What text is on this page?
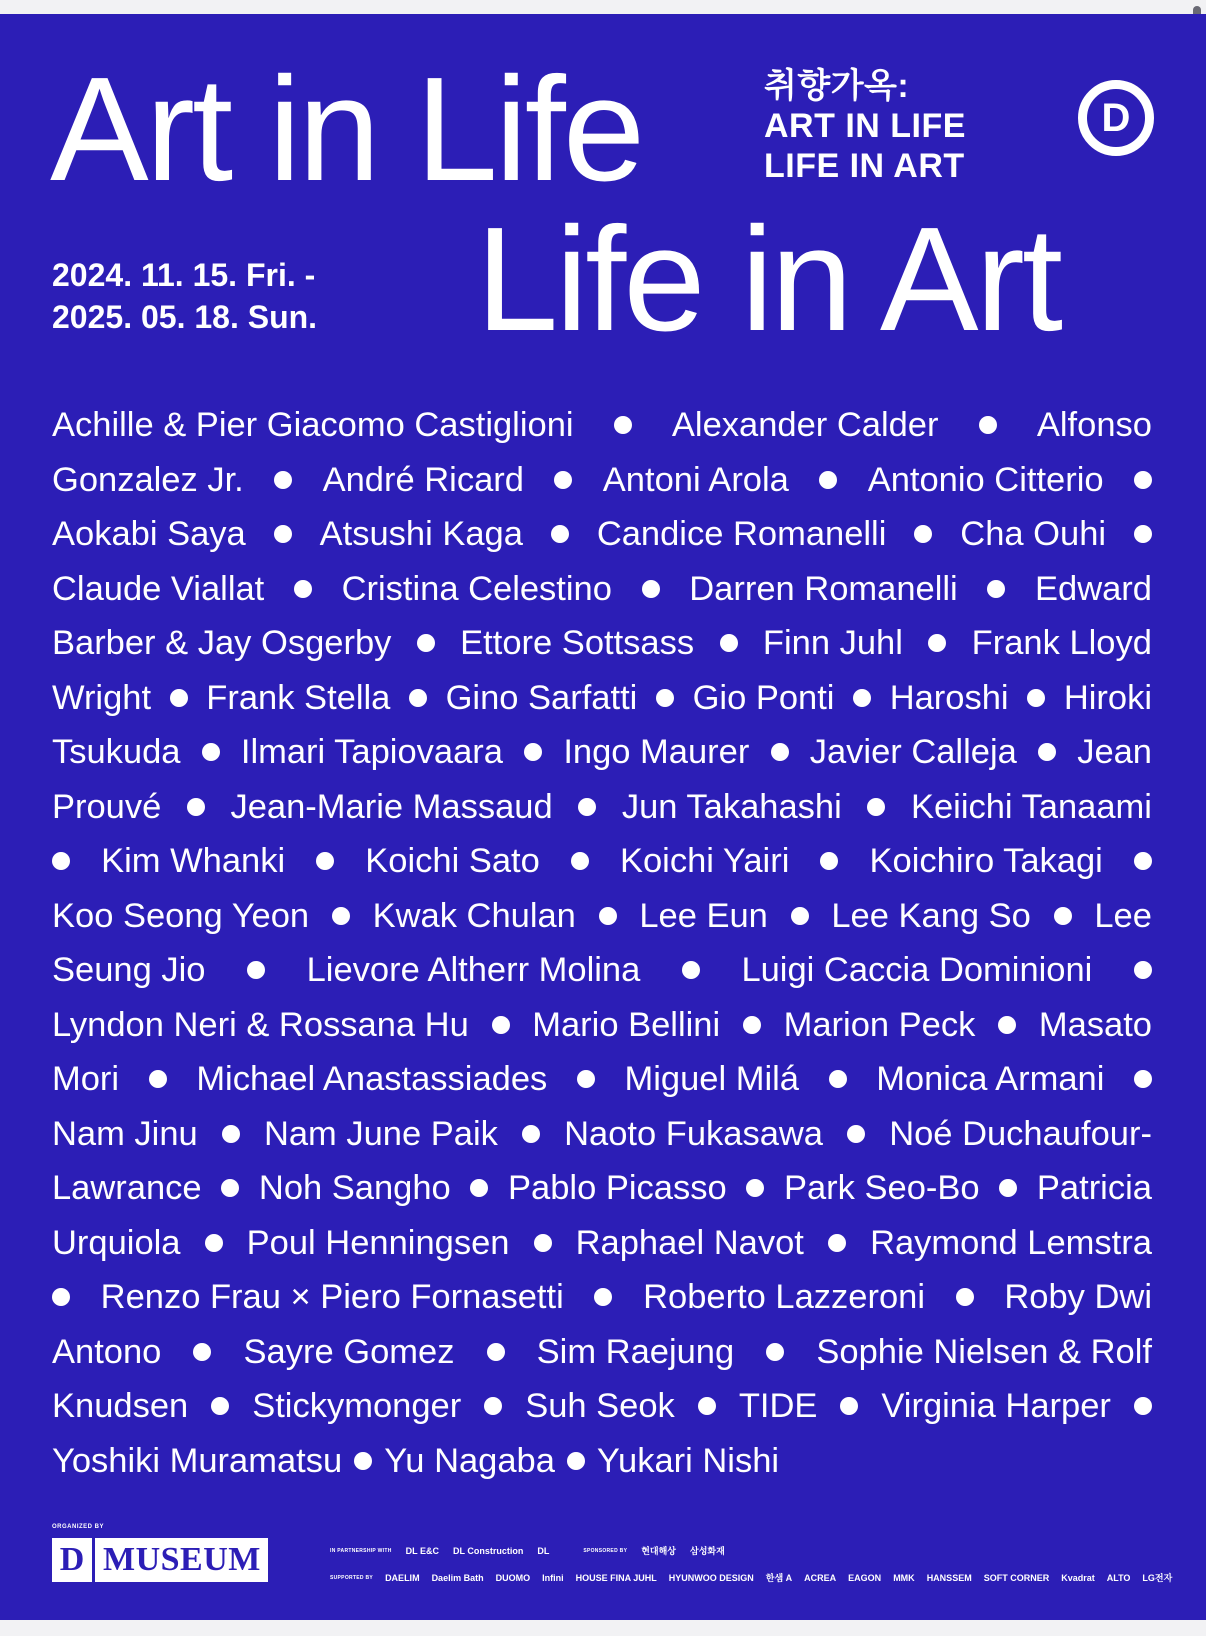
Art in Life	취향가옥:
ART IN LIFE
LIFE IN ART
D
2024. 11. 15. Fri. -
2025. 05. 18. Sun. Life in Art
Achille & Pier Giacomo Castiglioni	Alexander Calder	Alfonso
Gonzalez Jr. André Ricard Antoni Arola Antonio Citterio
Aokabi Saya Atsushi Kaga Candice Romanelli Cha Ouhi
Claude Viallat Cristina Celestino Darren Romanelli Edward
Barber & Jay Osgerby Ettore Sottsass Finn Juhl Frank Lloyd
Wright Frank Stella Gino Sarfatti Gio Ponti Haroshi Hiroki
Tsukuda Ilmari Tapiovaara Ingo Maurer Javier Calleja Jean
Prouvé Jean-Marie Massaud Jun Takahashi Keiichi Tanaami
Kim Whanki Koichi Sato Koichi Yairi Koichiro Takagi
Koo Seong Yeon Kwak Chulan Lee Eun Lee Kang So Lee
Seung Jio	Lievore Altherr Molina	Luigi Caccia Dominioni
Lyndon Neri & Rossana Hu Mario Bellini Marion Peck Masato
Mori Michael Anastassiades Miguel Milá Monica Armani
Nam Jinu Nam June Paik Naoto Fukasawa Noé Duchaufour-
Lawrance Noh Sangho Pablo Picasso Park Seo-Bo Patricia
Urquiola Poul Henningsen Raphael Navot Raymond Lemstra
Renzo Frau × Piero Fornasetti Roberto Lazzeroni Roby Dwi
Antono Sayre Gomez Sim Raejung Sophie Nielsen & Rolf
Knudsen Stickymonger Suh Seok TIDE Virginia Harper
Yoshiki Muramatsu Yu Nagaba Yukari Nishi
ORGANIZED BY
D MUSEUM	IN PARTNERSHIP WITH DL E&C DL Construction DL	SPONSORED BY 현대해상 삼성화재
SUPPORTED BY DAELIM Daelim Bath DUOMO Infini HOUSE FINA JUHL HYUNWOO DESIGN 한샘 A ACREA EAGON MMK HANSSEM SOFT CORNER Kvadrat ALTO LG전자
